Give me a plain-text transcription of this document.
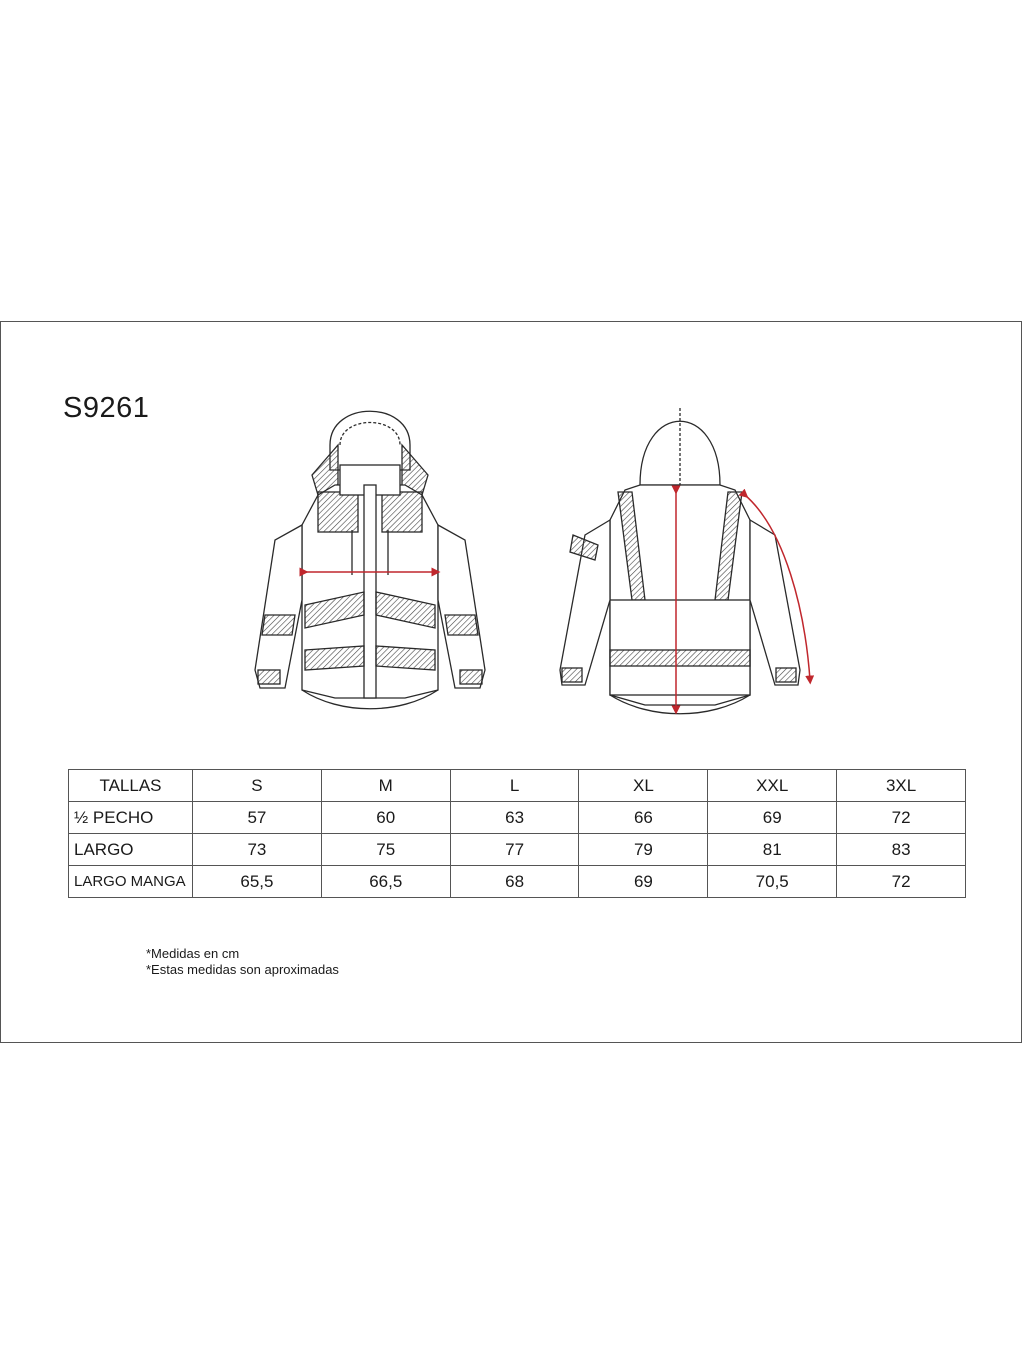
S9261
TALLAS	S	M	L	XL	XXL	3XL
½ PECHO	57	60	63	66	69	72
LARGO	73	75	77	79	81	83
LARGO MANGA	65,5	66,5	68	69	70,5	72
*Medidas en cm
*Estas medidas son aproximadas
